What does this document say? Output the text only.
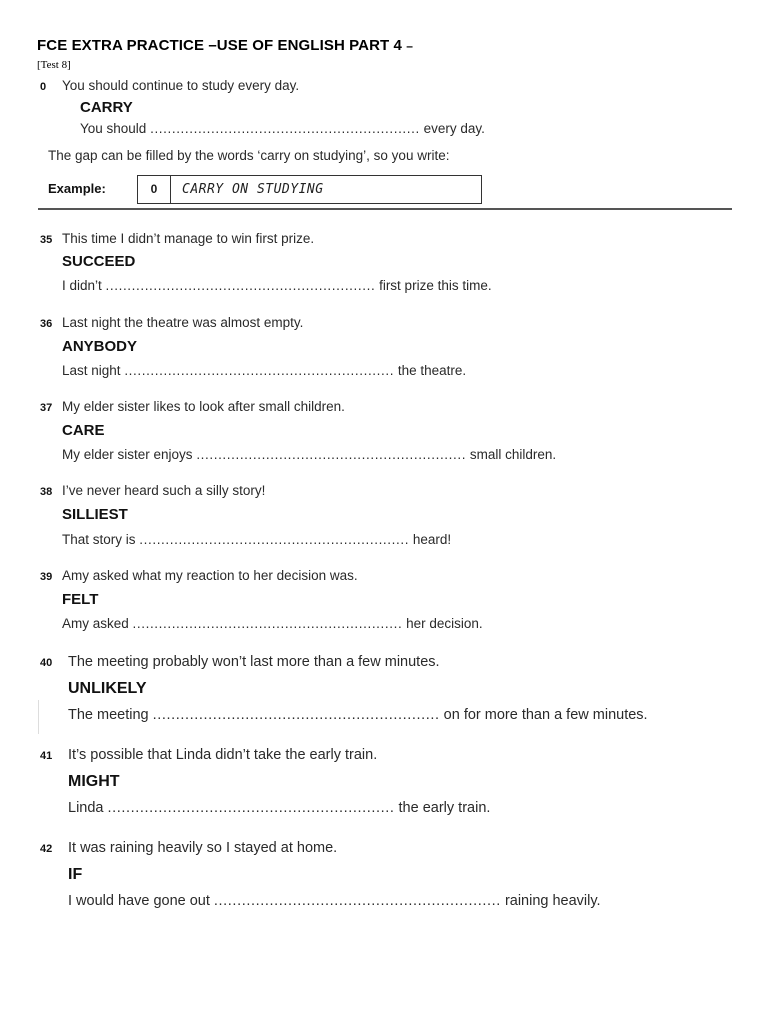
FCE EXTRA PRACTICE –USE OF ENGLISH PART 4 –
[Test 8]
0 You should continue to study every day.
CARRY
You should .............................................................. every day.
The gap can be filled by the words ‘carry on studying’, so you write:
Example:	0	CARRY ON STUDYING
35 This time I didn’t manage to win first prize.
SUCCEED
I didn’t .............................................................. first prize this time.
36 Last night the theatre was almost empty.
ANYBODY
Last night .............................................................. the theatre.
37 My elder sister likes to look after small children.
CARE
My elder sister enjoys .............................................................. small children.
38 I’ve never heard such a silly story!
SILLIEST
That story is .............................................................. heard!
39 Amy asked what my reaction to her decision was.
FELT
Amy asked .............................................................. her decision.
40 The meeting probably won’t last more than a few minutes.
UNLIKELY
The meeting .............................................................. on for more than a few minutes.
41 It’s possible that Linda didn’t take the early train.
MIGHT
Linda .............................................................. the early train.
42 It was raining heavily so I stayed at home.
IF
I would have gone out .............................................................. raining heavily.
